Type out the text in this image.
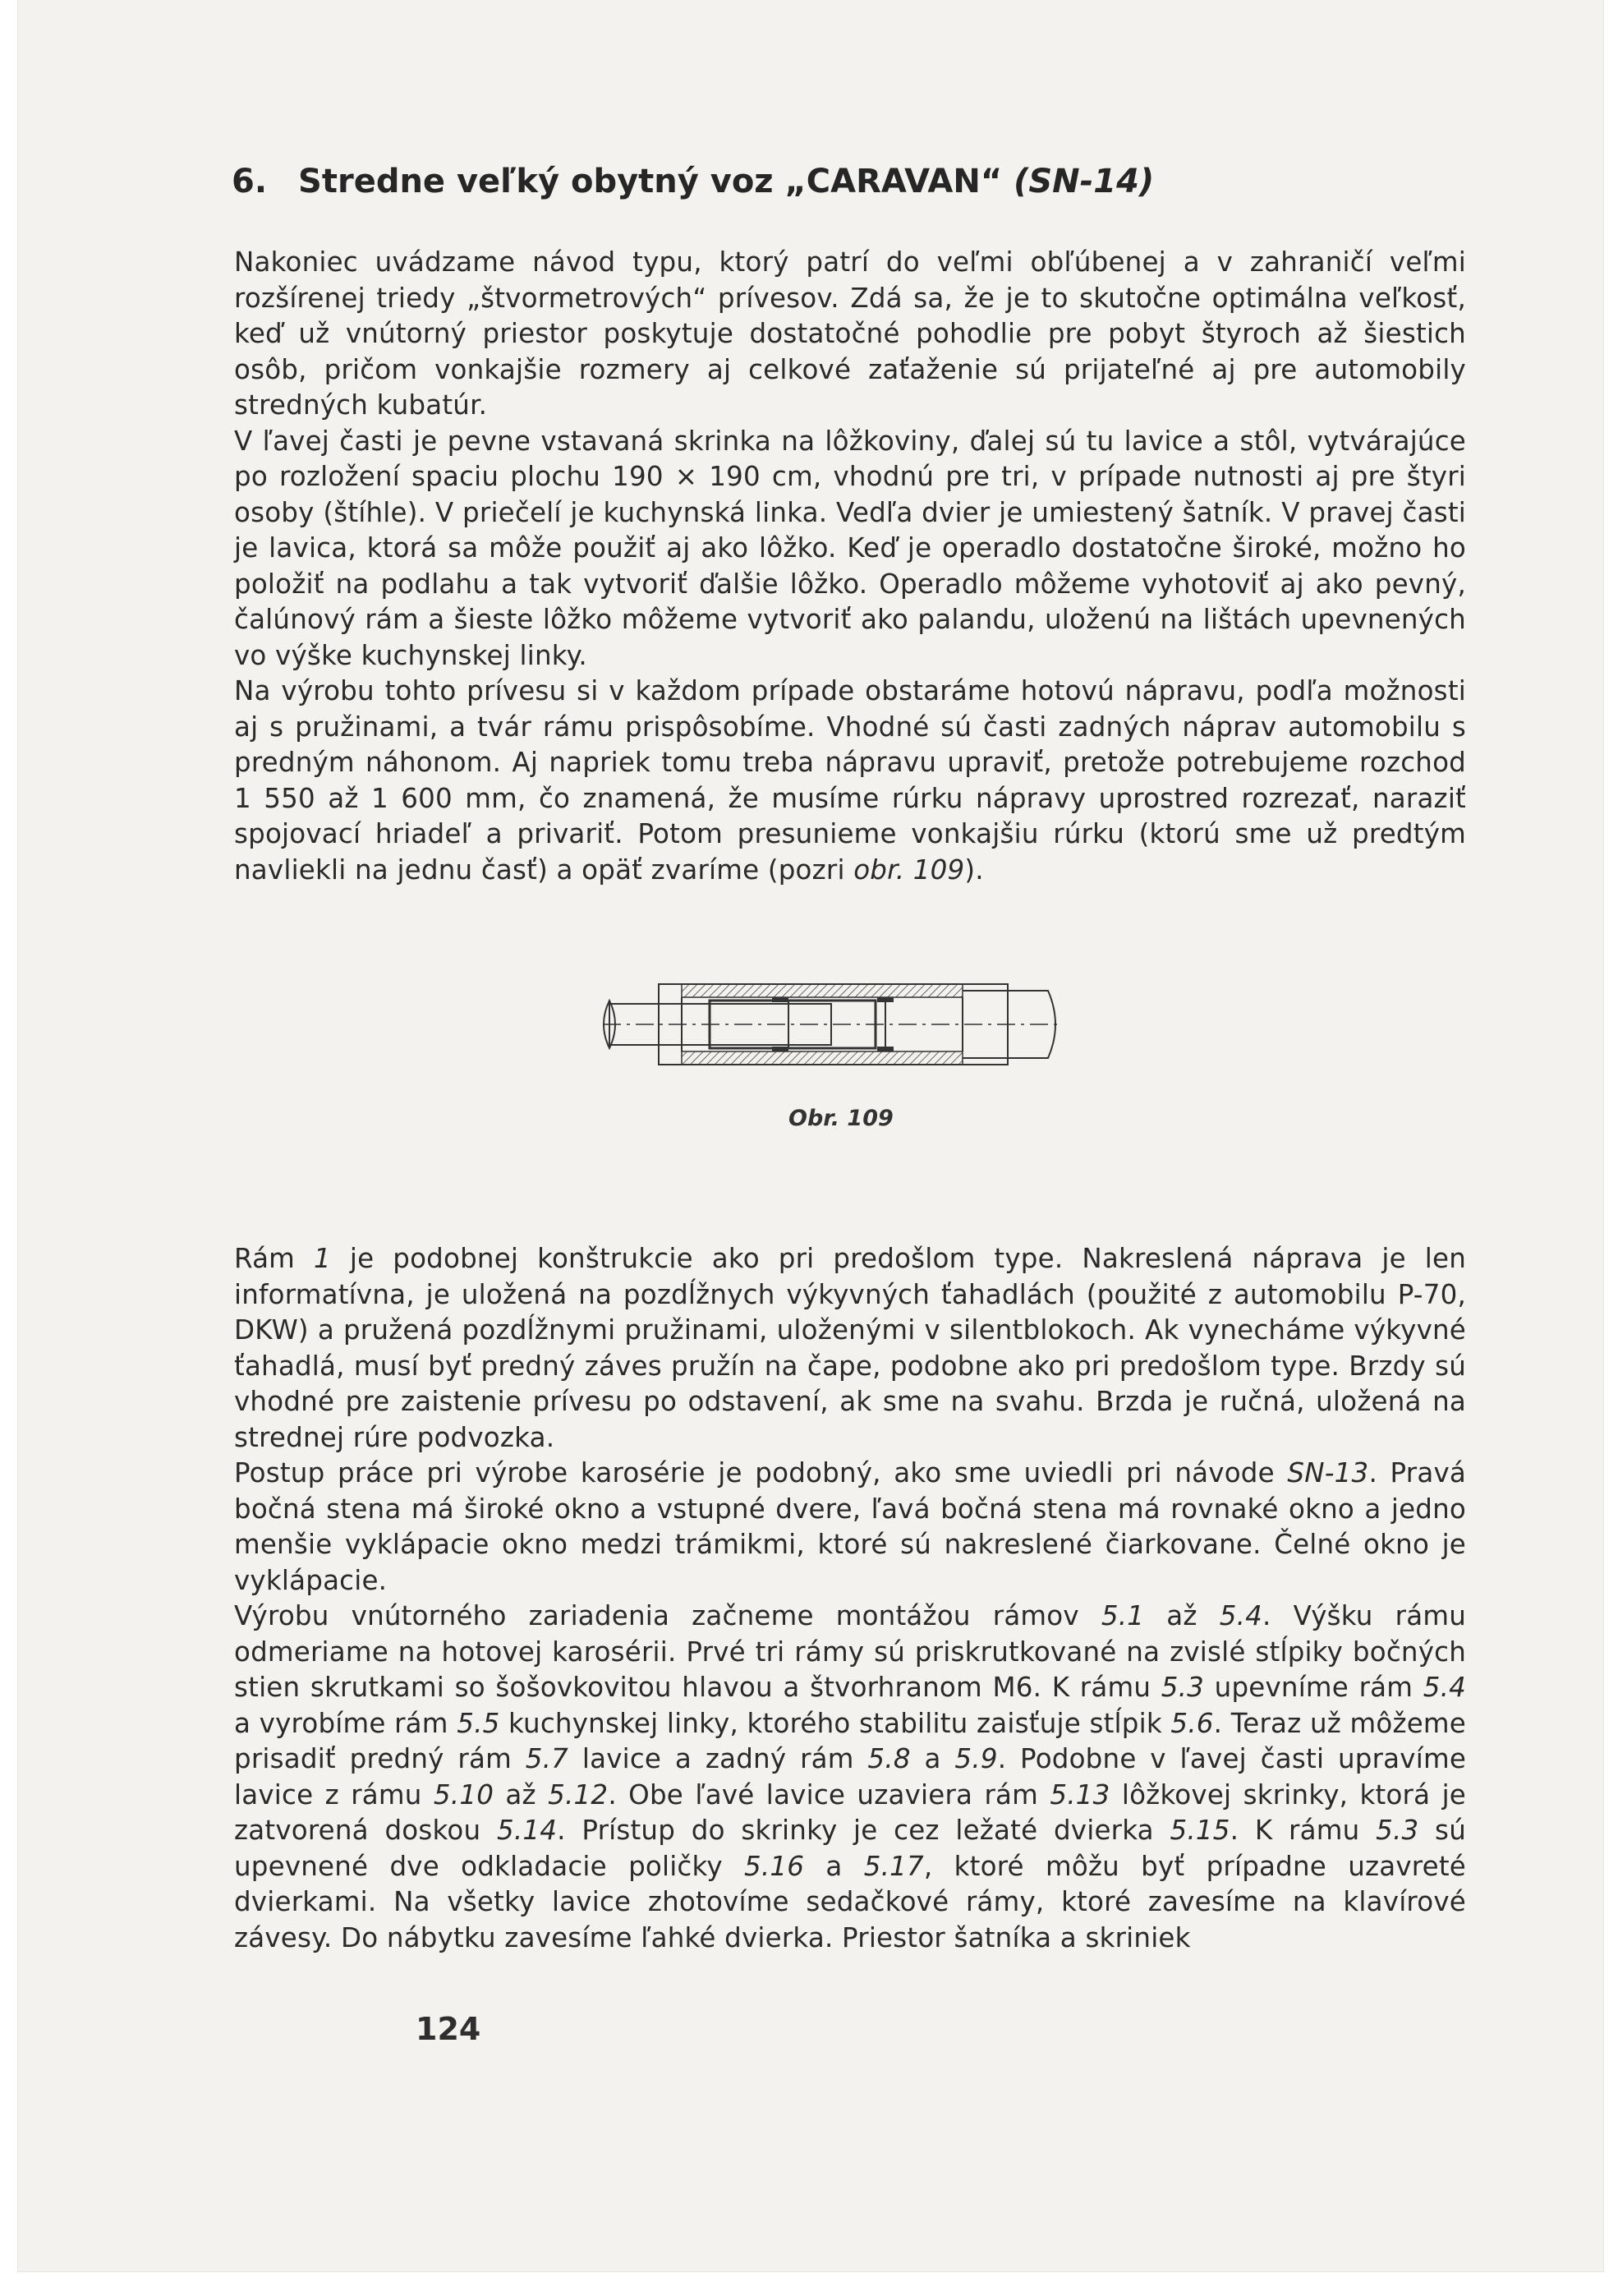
6. Stredne veľký obytný voz „CARAVAN“ (SN-14)

Nakoniec uvádzame návod typu, ktorý patrí do veľmi obľúbenej a v zahraničí veľmi rozšírenej triedy „štvormetrových“ prívesov. Zdá sa, že je to skutočne optimálna veľkosť, keď už vnútorný priestor poskytuje dostatočné pohodlie pre pobyt štyroch až šiestich osôb, pričom vonkajšie rozmery aj celkové zaťaženie sú prijateľné aj pre automobily stredných kubatúr.

V ľavej časti je pevne vstavaná skrinka na lôžkoviny, ďalej sú tu lavice a stôl, vytvárajúce po rozložení spaciu plochu 190 × 190 cm, vhodnú pre tri, v prípade nutnosti aj pre štyri osoby (štíhle). V priečelí je kuchynská linka. Vedľa dvier je umiestený šatník. V pravej časti je lavica, ktorá sa môže použiť aj ako lôžko. Keď je operadlo dostatočne široké, možno ho položiť na podlahu a tak vytvoriť ďalšie lôžko. Operadlo môžeme vyhotoviť aj ako pevný, čalúnový rám a šieste lôžko môžeme vytvoriť ako palandu, uloženú na lištách upevnených vo výške kuchynskej linky.

Na výrobu tohto prívesu si v každom prípade obstaráme hotovú nápravu, podľa možnosti aj s pružinami, a tvár rámu prispôsobíme. Vhodné sú časti zadných náprav automobilu s predným náhonom. Aj napriek tomu treba nápravu upraviť, pretože potrebujeme rozchod 1 550 až 1 600 mm, čo znamená, že musíme rúrku nápravy uprostred rozrezať, naraziť spojovací hriadeľ a privariť. Potom presunieme vonkajšiu rúrku (ktorú sme už predtým navliekli na jednu časť) a opäť zvaríme (pozri obr. 109).

Obr. 109

Rám 1 je podobnej konštrukcie ako pri predošlom type. Nakreslená náprava je len informatívna, je uložená na pozdĺžnych výkyvných ťahadlách (použité z automobilu P-70, DKW) a pružená pozdĺžnymi pružinami, uloženými v silentblokoch. Ak vynecháme výkyvné ťahadlá, musí byť predný záves pružín na čape, podobne ako pri predošlom type. Brzdy sú vhodné pre zaistenie prívesu po odstavení, ak sme na svahu. Brzda je ručná, uložená na strednej rúre podvozka.

Postup práce pri výrobe karosérie je podobný, ako sme uviedli pri návode SN-13. Pravá bočná stena má široké okno a vstupné dvere, ľavá bočná stena má rovnaké okno a jedno menšie vyklápacie okno medzi trámikmi, ktoré sú nakreslené čiarkovane. Čelné okno je vyklápacie.

Výrobu vnútorného zariadenia začneme montážou rámov 5.1 až 5.4. Výšku rámu odmeriame na hotovej karosérii. Prvé tri rámy sú priskrutkované na zvislé stĺpiky bočných stien skrutkami so šošovkovitou hlavou a štvorhranom M6. K rámu 5.3 upevníme rám 5.4 a vyrobíme rám 5.5 kuchynskej linky, ktorého stabilitu zaisťuje stĺpik 5.6. Teraz už môžeme prisadiť predný rám 5.7 lavice a zadný rám 5.8 a 5.9. Podobne v ľavej časti upravíme lavice z rámu 5.10 až 5.12. Obe ľavé lavice uzaviera rám 5.13 lôžkovej skrinky, ktorá je zatvorená doskou 5.14. Prístup do skrinky je cez ležaté dvierka 5.15. K rámu 5.3 sú upevnené dve odkladacie poličky 5.16 a 5.17, ktoré môžu byť prípadne uzavreté dvierkami. Na všetky lavice zhotovíme sedačkové rámy, ktoré zavesíme na klavírové závesy. Do nábytku zavesíme ľahké dvierka. Priestor šatníka a skriniek

124
